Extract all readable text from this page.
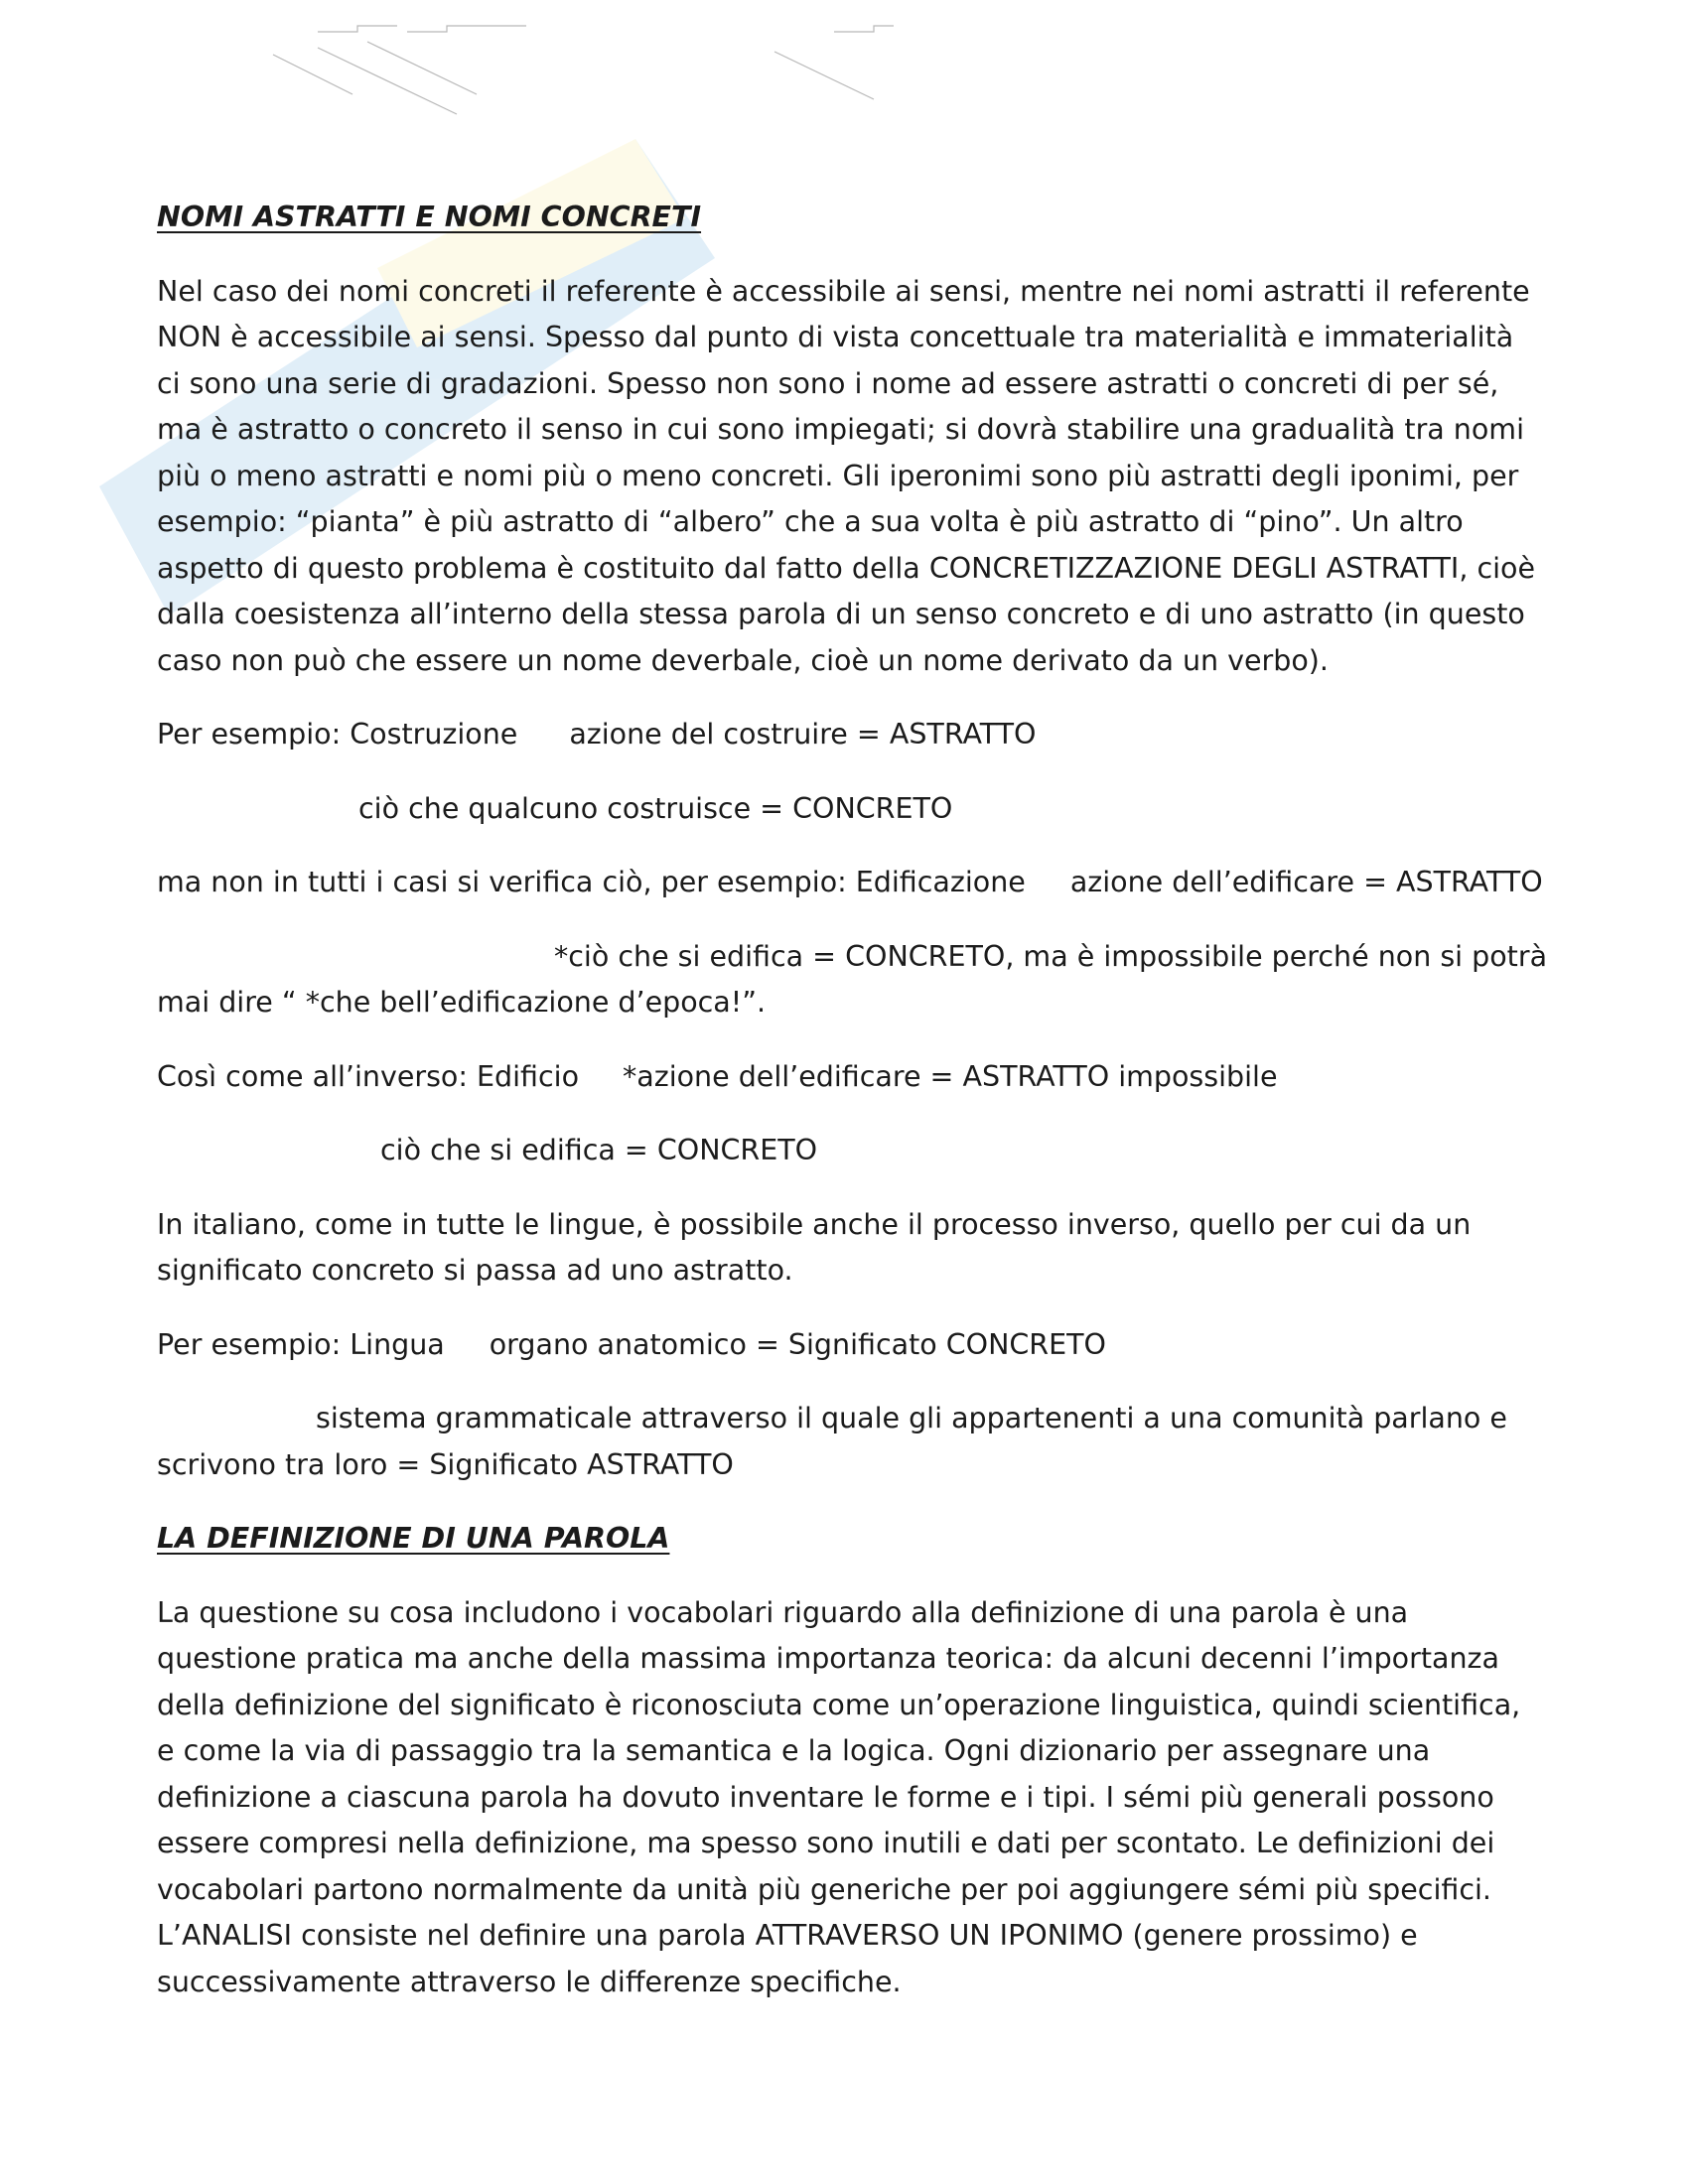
NOMI ASTRATTI E NOMI CONCRETI

Nel caso dei nomi concreti il referente è accessibile ai sensi, mentre nei nomi astratti il referente NON è accessibile ai sensi. Spesso dal punto di vista concettuale tra materialità e immaterialità ci sono una serie di gradazioni. Spesso non sono i nome ad essere astratti o concreti di per sé, ma è astratto o concreto il senso in cui sono impiegati; si dovrà stabilire una gradualità tra nomi più o meno astratti e nomi più o meno concreti. Gli iperonimi sono più astratti degli iponimi, per esempio: “pianta” è più astratto di “albero” che a sua volta è più astratto di “pino”. Un altro aspetto di questo problema è costituito dal fatto della CONCRETIZZAZIONE DEGLI ASTRATTI, cioè dalla coesistenza all’interno della stessa parola di un senso concreto e di uno astratto (in questo caso non può che essere un nome deverbale, cioè un nome derivato da un verbo).

Per esempio: Costruzione azione del costruire = ASTRATTO
ciò che qualcuno costruisce = CONCRETO
ma non in tutti i casi si verifica ciò, per esempio: Edificazione azione dell’edificare = ASTRATTO
*ciò che si edifica = CONCRETO, ma è impossibile perché non si potrà
mai dire “ *che bell’edificazione d’epoca!”.
Così come all’inverso: Edificio *azione dell’edificare = ASTRATTO impossibile
ciò che si edifica = CONCRETO

In italiano, come in tutte le lingue, è possibile anche il processo inverso, quello per cui da un significato concreto si passa ad uno astratto.

Per esempio: Lingua organo anatomico = Significato CONCRETO
sistema grammaticale attraverso il quale gli appartenenti a una comunità parlano e
scrivono tra loro = Significato ASTRATTO
LA DEFINIZIONE DI UNA PAROLA

La questione su cosa includono i vocabolari riguardo alla definizione di una parola è una questione pratica ma anche della massima importanza teorica: da alcuni decenni l’importanza della definizione del significato è riconosciuta come un’operazione linguistica, quindi scientifica, e come la via di passaggio tra la semantica e la logica. Ogni dizionario per assegnare una definizione a ciascuna parola ha dovuto inventare le forme e i tipi. I sémi più generali possono essere compresi nella definizione, ma spesso sono inutili e dati per scontato. Le definizioni dei vocabolari partono normalmente da unità più generiche per poi aggiungere sémi più specifici. L’ANALISI consiste nel definire una parola ATTRAVERSO UN IPONIMO (genere prossimo) e successivamente attraverso le differenze specifiche.
